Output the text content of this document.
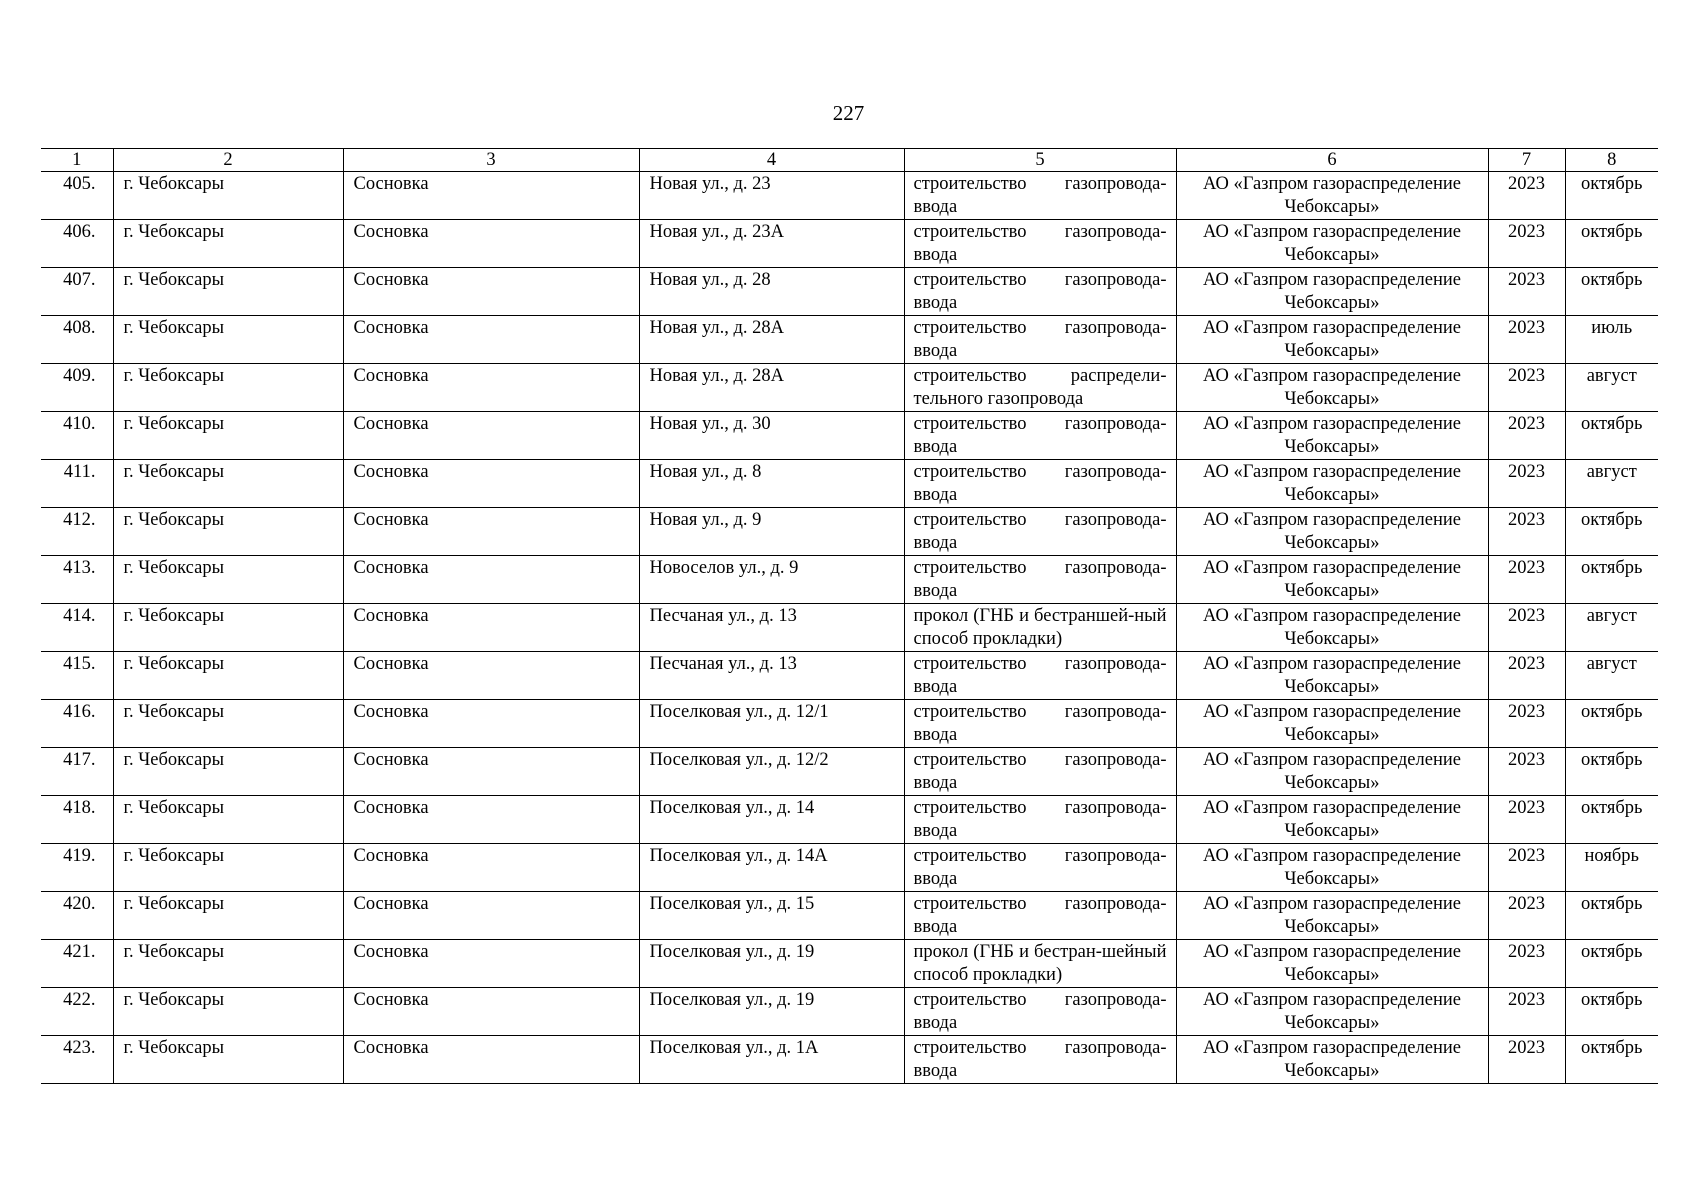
227
1	2	3	4	5	6	7	8
405.	г. Чебоксары	Сосновка	Новая ул., д. 23	строительство газопровода-ввода	АО «Газпром газораспределение Чебоксары»	2023	октябрь
406.	г. Чебоксары	Сосновка	Новая ул., д. 23А	строительство газопровода-ввода	АО «Газпром газораспределение Чебоксары»	2023	октябрь
407.	г. Чебоксары	Сосновка	Новая ул., д. 28	строительство газопровода-ввода	АО «Газпром газораспределение Чебоксары»	2023	октябрь
408.	г. Чебоксары	Сосновка	Новая ул., д. 28А	строительство газопровода-ввода	АО «Газпром газораспределение Чебоксары»	2023	июль
409.	г. Чебоксары	Сосновка	Новая ул., д. 28А	строительство распредели-тельного газопровода	АО «Газпром газораспределение Чебоксары»	2023	август
410.	г. Чебоксары	Сосновка	Новая ул., д. 30	строительство газопровода-ввода	АО «Газпром газораспределение Чебоксары»	2023	октябрь
411.	г. Чебоксары	Сосновка	Новая ул., д. 8	строительство газопровода-ввода	АО «Газпром газораспределение Чебоксары»	2023	август
412.	г. Чебоксары	Сосновка	Новая ул., д. 9	строительство газопровода-ввода	АО «Газпром газораспределение Чебоксары»	2023	октябрь
413.	г. Чебоксары	Сосновка	Новоселов ул., д. 9	строительство газопровода-ввода	АО «Газпром газораспределение Чебоксары»	2023	октябрь
414.	г. Чебоксары	Сосновка	Песчаная ул., д. 13	прокол (ГНБ и бестраншей-ный способ прокладки)	АО «Газпром газораспределение Чебоксары»	2023	август
415.	г. Чебоксары	Сосновка	Песчаная ул., д. 13	строительство газопровода-ввода	АО «Газпром газораспределение Чебоксары»	2023	август
416.	г. Чебоксары	Сосновка	Поселковая ул., д. 12/1	строительство газопровода-ввода	АО «Газпром газораспределение Чебоксары»	2023	октябрь
417.	г. Чебоксары	Сосновка	Поселковая ул., д. 12/2	строительство газопровода-ввода	АО «Газпром газораспределение Чебоксары»	2023	октябрь
418.	г. Чебоксары	Сосновка	Поселковая ул., д. 14	строительство газопровода-ввода	АО «Газпром газораспределение Чебоксары»	2023	октябрь
419.	г. Чебоксары	Сосновка	Поселковая ул., д. 14А	строительство газопровода-ввода	АО «Газпром газораспределение Чебоксары»	2023	ноябрь
420.	г. Чебоксары	Сосновка	Поселковая ул., д. 15	строительство газопровода-ввода	АО «Газпром газораспределение Чебоксары»	2023	октябрь
421.	г. Чебоксары	Сосновка	Поселковая ул., д. 19	прокол (ГНБ и бестран-шейный способ прокладки)	АО «Газпром газораспределение Чебоксары»	2023	октябрь
422.	г. Чебоксары	Сосновка	Поселковая ул., д. 19	строительство газопровода-ввода	АО «Газпром газораспределение Чебоксары»	2023	октябрь
423.	г. Чебоксары	Сосновка	Поселковая ул., д. 1А	строительство газопровода-ввода	АО «Газпром газораспределение Чебоксары»	2023	октябрь
